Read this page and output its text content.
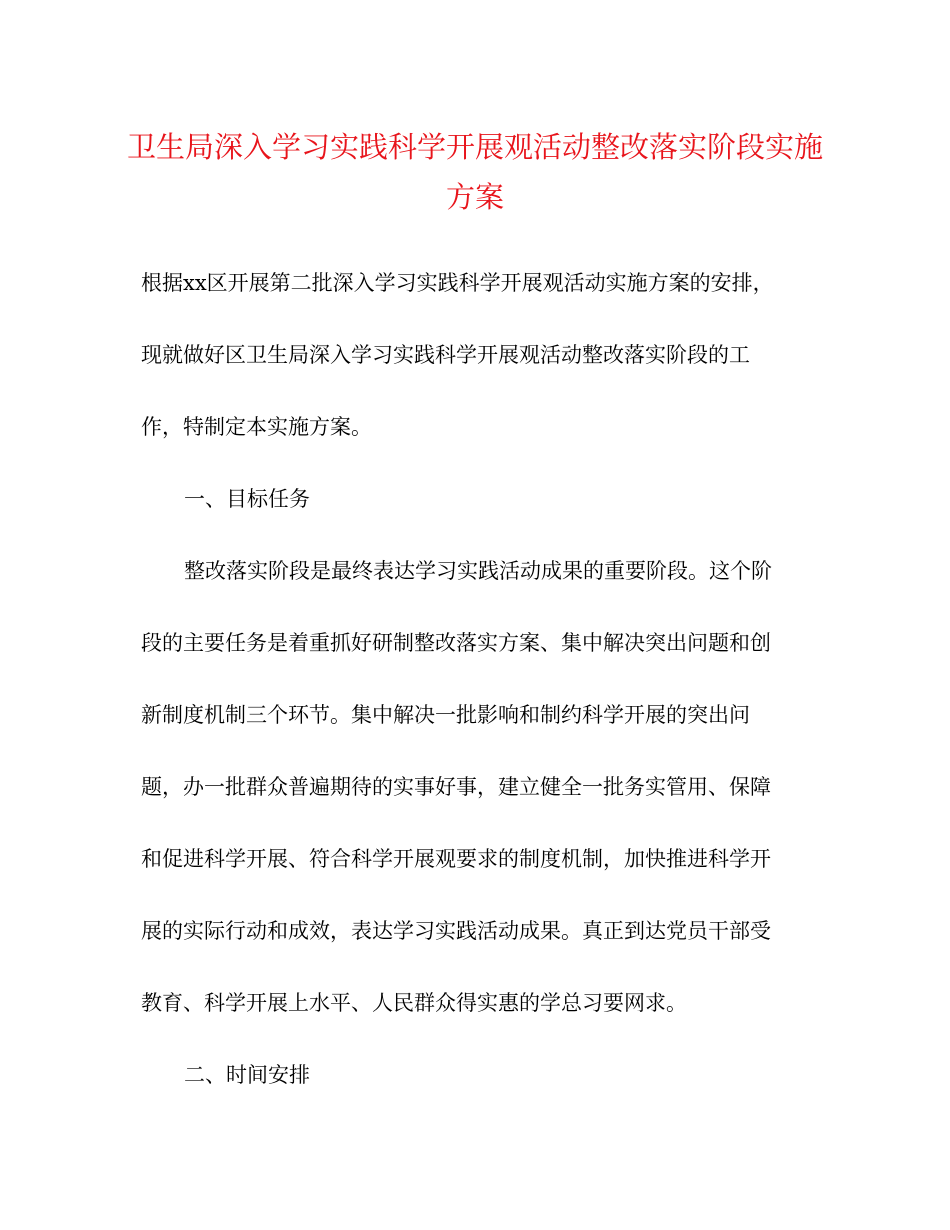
卫生局深入学习实践科学开展观活动整改落实阶段实施
方案
根据xx区开展第二批深入学习实践科学开展观活动实施方案的安排，
现就做好区卫生局深入学习实践科学开展观活动整改落实阶段的工
作，特制定本实施方案。
一、目标任务
整改落实阶段是最终表达学习实践活动成果的重要阶段。这个阶
段的主要任务是着重抓好研制整改落实方案、集中解决突出问题和创
新制度机制三个环节。集中解决一批影响和制约科学开展的突出问
题，办一批群众普遍期待的实事好事，建立健全一批务实管用、保障
和促进科学开展、符合科学开展观要求的制度机制，加快推进科学开
展的实际行动和成效，表达学习实践活动成果。真正到达党员干部受
教育、科学开展上水平、人民群众得实惠的学总习要网求。
二、时间安排
